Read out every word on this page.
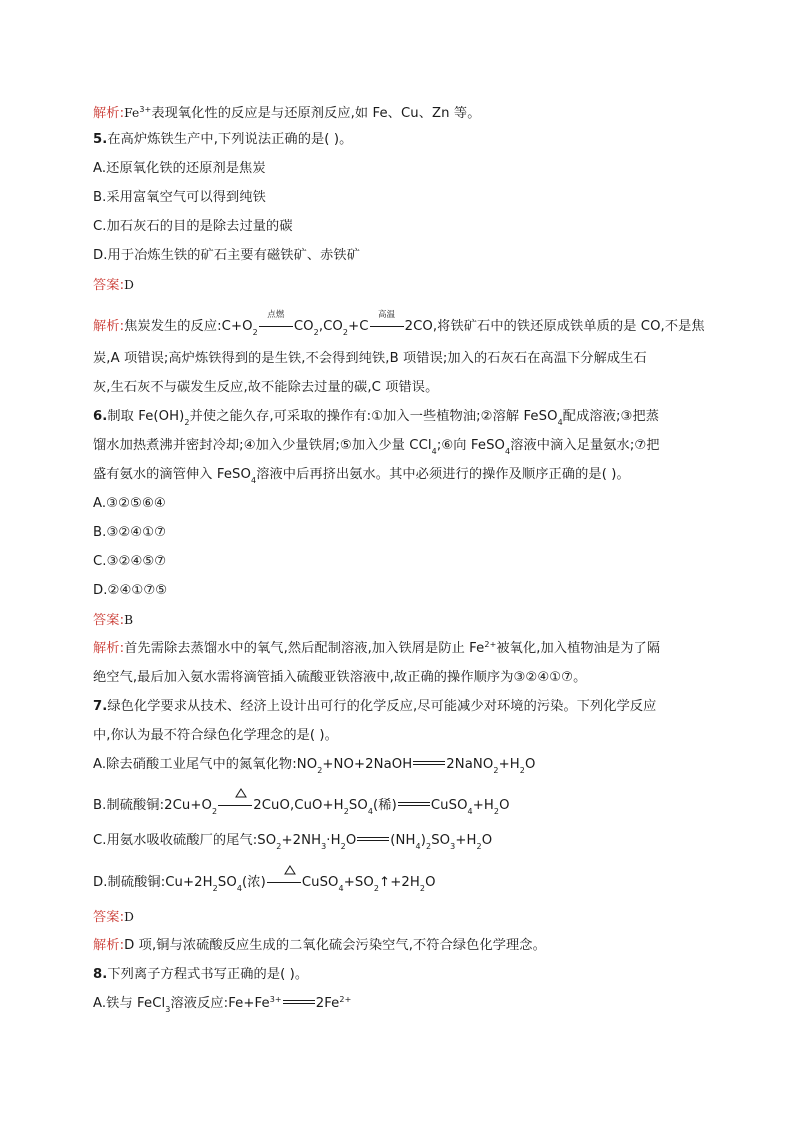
解析$:Fe^{3+}$表现氧化性的反应是与还原剂反应,如 Fe、Cu、Zn 等。
5.在高炉炼铁生产中,下列说法正确的是( )。
A.还原氧化铁的还原剂是焦炭
B.采用富氧空气可以得到纯铁
C.加石灰石的目的是除去过量的碳
D.用于冶炼生铁的矿石主要有磁铁矿、赤铁矿
答案:D
解析:焦炭发生的反应$:C+O_2$
点燃
$CO_2,CO_2+C$
高温
2CO,将铁矿石中的铁还原成铁单质的是 CO,不是焦
炭,A 项错误;高炉炼铁得到的是生铁,不会得到纯铁,B 项错误;加入的石灰石在高温下分解成生石
灰,生石灰不与碳发生反应,故不能除去过量的碳,C 项错误。
6.制取 $Fe(OH)_2$并使之能久存,可采取的操作有:①加入一些植物油;②溶解 FeSO$_4$配成溶液;③把蒸
馏水加热煮沸并密封冷却;④加入少量铁屑;⑤加入少量 CCl$_4$;⑥向 FeSO$_4$溶液中滴入足量氨水;⑦把
盛有氨水的滴管伸入 FeSO$_4$溶液中后再挤出氨水。其中必须进行的操作及顺序正确的是( )。
A.③②⑤⑥④
B.③②④①⑦
C.③②④⑤⑦
D.②④①⑦⑤
答案:B
解析:首先需除去蒸馏水中的氧气,然后配制溶液,加入铁屑是防止 $Fe^{2+}$被氧化,加入植物油是为了隔
绝空气,最后加入氨水需将滴管插入硫酸亚铁溶液中,故正确的操作顺序为③②④①⑦。
7.绿色化学要求从技术、经济上设计出可行的化学反应,尽可能减少对环境的污染。下列化学反应
中,你认为最不符合绿色化学理念的是( )。
A.除去硝酸工业尾气中的氮氧化物$:NO_2+NO+2NaOH$	$2NaNO_2+H_2O$
B.制硫酸铜$:2Cu+O_2$	$2CuO,CuO+H_2SO_4$(稀)	$CuSO_4+H_2O$
C.用氨水吸收硫酸厂的尾气$:SO_2+2NH_3\cdot H_2O$	$(NH_4)_2SO_3+H_2O$
D.制硫酸铜$:Cu+2H_2SO_4$(浓)	$CuSO_4+SO_2↑+2H_2O$
答案:D
解析:D 项,铜与浓硫酸反应生成的二氧化硫会污染空气,不符合绿色化学理念。
8.下列离子方程式书写正确的是( )。
A.铁与 FeCl$_3$溶液反应$:Fe+Fe^{3+}$	$2Fe^{2+}$
